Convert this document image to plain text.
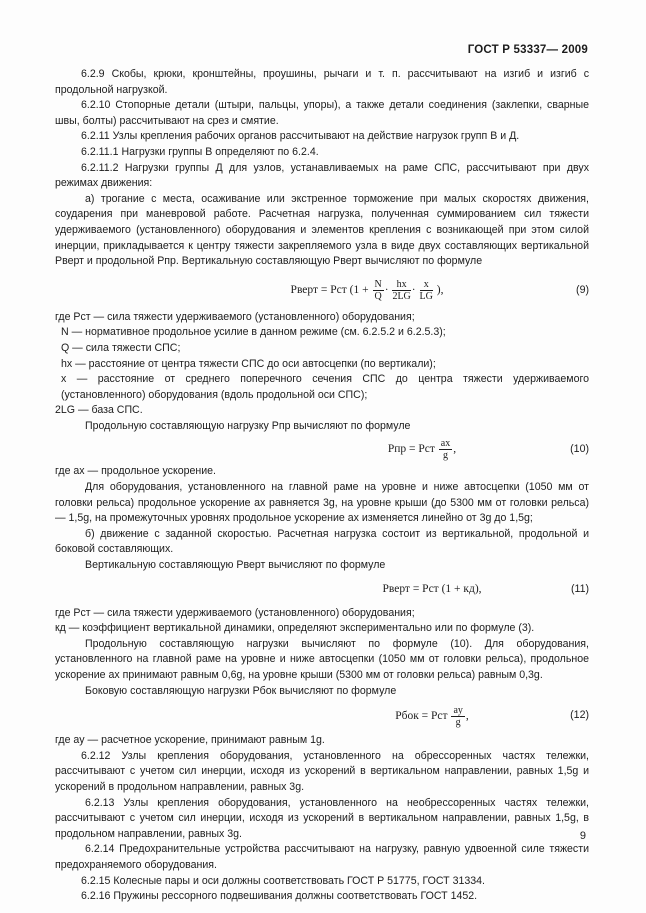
ГОСТ Р 53337— 2009

6.2.9 Скобы, крюки, кронштейны, проушины, рычаги и т. п. рассчитывают на изгиб и изгиб с продольной нагрузкой.

6.2.10 Стопорные детали (штыри, пальцы, упоры), а также детали соединения (заклепки, сварные швы, болты) рассчитывают на срез и смятие.

6.2.11 Узлы крепления рабочих органов рассчитывают на действие нагрузок групп В и Д.

6.2.11.1 Нагрузки группы В определяют по 6.2.4.

6.2.11.2 Нагрузки группы Д для узлов, устанавливаемых на раме СПС, рассчитывают при двух режимах движения:

а) трогание с места, осаживание или экстренное торможение при малых скоростях движения, соударения при маневровой работе. Расчетная нагрузка, полученная суммированием сил тяжести удерживаемого (установленного) оборудования и элементов крепления с возникающей при этом силой инерции, прикладывается к центру тяжести закрепляемого узла в виде двух составляющих вертикальной Pверт и продольной Pпр. Вертикальную составляющую Pверт вычисляют по формуле

Pверт = Pст ($1 + \frac{N}{Q} \cdot \frac{hx}{2LG} \cdot \frac{x}{LG}$ ),	(9)

где Pст — сила тяжести удерживаемого (установленного) оборудования;

N — нормативное продольное усилие в данном режиме (см. 6.2.5.2 и 6.2.5.3);

Q — сила тяжести СПС;

hx — расстояние от центра тяжести СПС до оси автосцепки (по вертикали);

x — расстояние от среднего поперечного сечения СПС до центра тяжести удерживаемого (установленного) оборудования (вдоль продольной оси СПС);

2LG — база СПС.

Продольную составляющую нагрузку Pпр вычисляют по формуле

Pпр = Pст $\frac{ax}{g}$ ,	(10)

где ax — продольное ускорение.

Для оборудования, установленного на главной раме на уровне и ниже автосцепки (1050 мм от головки рельса) продольное ускорение ax равняется 3g, на уровне крыши (до 5300 мм от головки рельса) — 1,5g, на промежуточных уровнях продольное ускорение ax изменяется линейно от 3g до 1,5g;

б) движение с заданной скоростью. Расчетная нагрузка состоит из вертикальной, продольной и боковой составляющих.

Вертикальную составляющую Pверт вычисляют по формуле

Pверт = Pст (1 + кд),	(11)

где Pст — сила тяжести удерживаемого (установленного) оборудования;

кд — коэффициент вертикальной динамики, определяют экспериментально или по формуле (3).

Продольную составляющую нагрузки вычисляют по формуле (10). Для оборудования, установленного на главной раме на уровне и ниже автосцепки (1050 мм от головки рельса), продольное ускорение ax принимают равным 0,6g, на уровне крыши (5300 мм от головки рельса) равным 0,3g.

Боковую составляющую нагрузки Pбок вычисляют по формуле

Pбок = Pст $\frac{ay}{g}$ ,	(12)

где ay — расчетное ускорение, принимают равным 1g.

6.2.12 Узлы крепления оборудования, установленного на обрессоренных частях тележки, рассчитывают с учетом сил инерции, исходя из ускорений в вертикальном направлении, равных 1,5g и ускорений в продольном направлении, равных 3g.

6.2.13 Узлы крепления оборудования, установленного на необрессоренных частях тележки, рассчитывают с учетом сил инерции, исходя из ускорений в вертикальном направлении, равных 1,5g, в продольном направлении, равных 3g.

6.2.14 Предохранительные устройства рассчитывают на нагрузку, равную удвоенной силе тяжести предохраняемого оборудования.

6.2.15 Колесные пары и оси должны соответствовать ГОСТ Р 51775, ГОСТ 31334.

6.2.16 Пружины рессорного подвешивания должны соответствовать ГОСТ 1452.

9
